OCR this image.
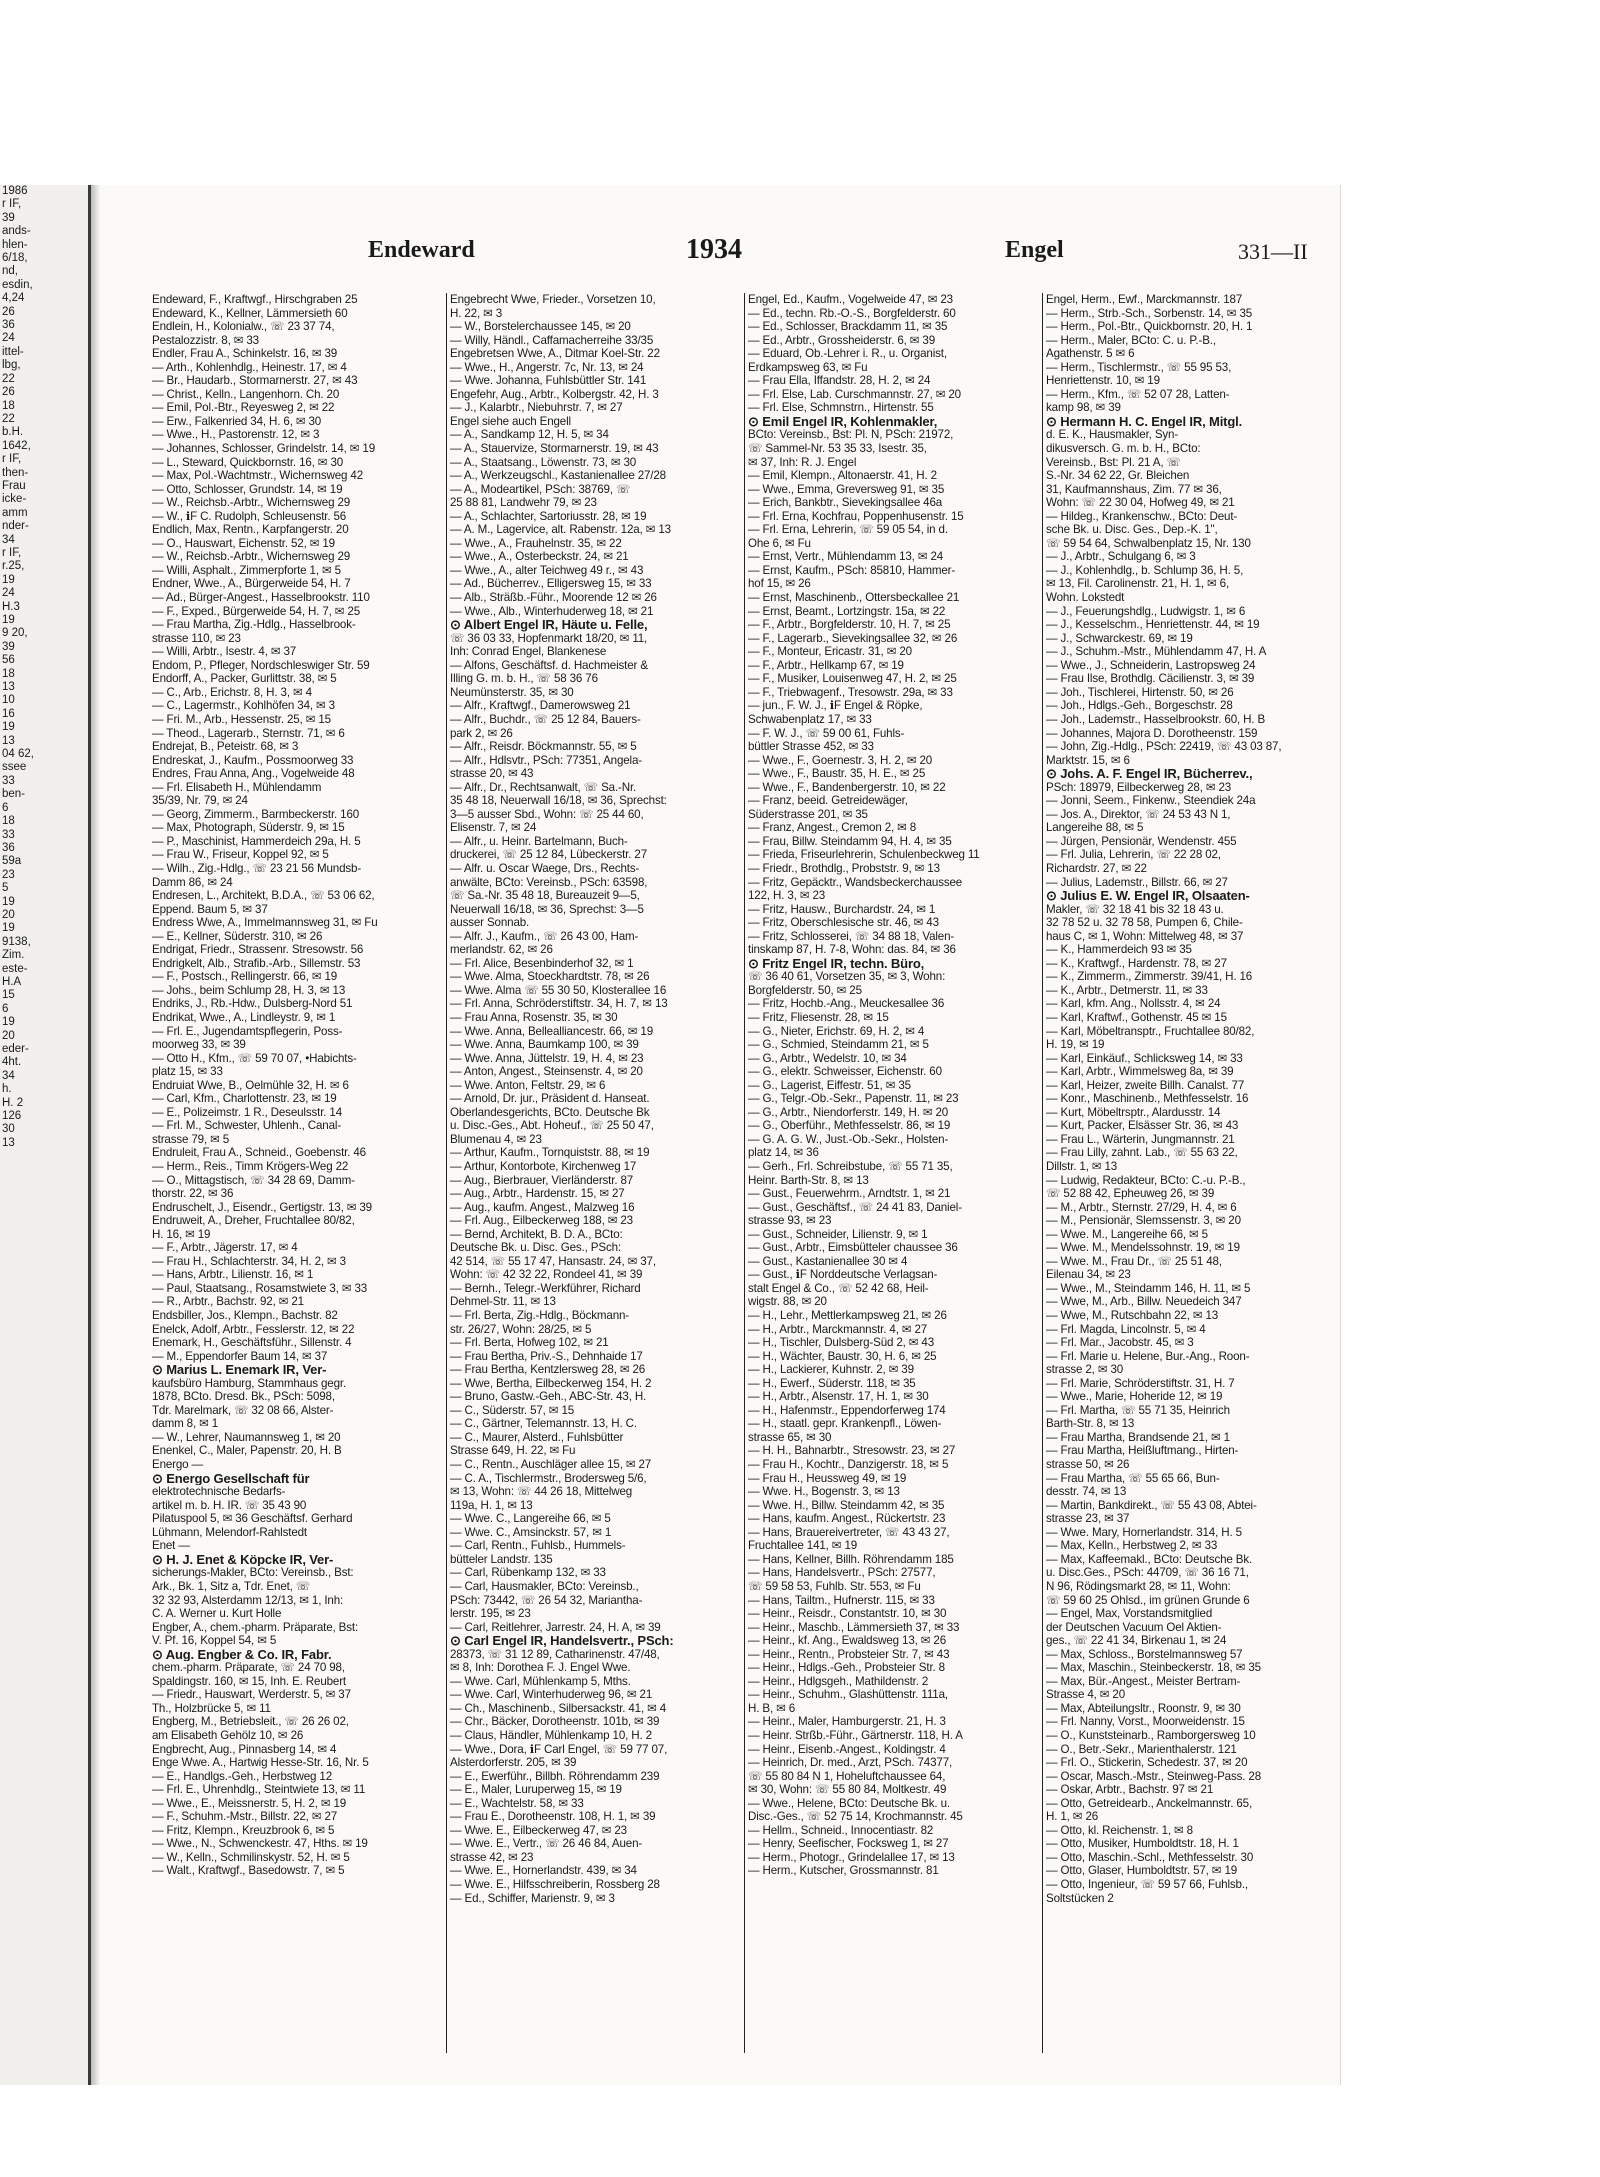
1986
r IF,
39
ands-
hlen-
6/18,
nd,
esdin,
4,24
26
36
24
ittel-
lbg,
22
26
18
22
b.H.
1642,
r IF,
then-
Frau
icke-
amm
nder-
34
r IF,
r.25,
19
24
H.3
19
9 20,
39
56
18
13
10
16
19
13
04 62,
ssee
33
ben-
6
18
33
36
59a
23
5
19
20
19
9138,
Zim.
este-
H.A
15
6
19
20
eder-
4ht.
34
h.
H. 2
126
30
13
Endeward	1934	Engel	331—II
Endeward, F., Kraftwgf., Hirschgraben 25
Endeward, K., Kellner, Lämmersieth 60
Endlein, H., Kolonialw., ☏ 23 37 74,
Pestalozzistr. 8, ✉ 33
Endler, Frau A., Schinkelstr. 16, ✉ 39
— Arth., Kohlenhdlg., Heinestr. 17, ✉ 4
— Br., Haudarb., Stormarnerstr. 27, ✉ 43
— Christ., Kelln., Langenhorn. Ch. 20
— Emil, Pol.-Btr., Reyesweg 2, ✉ 22
— Erw., Falkenried 34, H. 6, ✉ 30
— Wwe., H., Pastorenstr. 12, ✉ 3
— Johannes, Schlosser, Grindelstr. 14, ✉ 19
— L., Steward, Quickbornstr. 16, ✉ 30
— Max, Pol.-Wachtmstr., Wichernsweg 42
— Otto, Schlosser, Grundstr. 14, ✉ 19
— W., Reichsb.-Arbtr., Wichernsweg 29
— W., ℹF C. Rudolph, Schleusenstr. 56
Endlich, Max, Rentn., Karpfangerstr. 20
— O., Hauswart, Eichenstr. 52, ✉ 19
— W., Reichsb.-Arbtr., Wichernsweg 29
— Willi, Asphalt., Zimmerpforte 1, ✉ 5
Endner, Wwe., A., Bürgerweide 54, H. 7
— Ad., Bürger-Angest., Hasselbrookstr. 110
— F., Exped., Bürgerweide 54, H. 7, ✉ 25
— Frau Martha, Zig.-Hdlg., Hasselbrook-
strasse 110, ✉ 23
— Willi, Arbtr., Isestr. 4, ✉ 37
Endom, P., Pfleger, Nordschleswiger Str. 59
Endorff, A., Packer, Gurlittstr. 38, ✉ 5
— C., Arb., Erichstr. 8, H. 3, ✉ 4
— C., Lagermstr., Kohlhöfen 34, ✉ 3
— Fri. M., Arb., Hessenstr. 25, ✉ 15
— Theod., Lagerarb., Sternstr. 71, ✉ 6
Endrejat, B., Peteistr. 68, ✉ 3
Endreskat, J., Kaufm., Possmoorweg 33
Endres, Frau Anna, Ang., Vogelweide 48
— Frl. Elisabeth H., Mühlendamm
35/39, Nr. 79, ✉ 24
— Georg, Zimmerm., Barmbeckerstr. 160
— Max, Photograph, Süderstr. 9, ✉ 15
— P., Maschinist, Hammerdeich 29a, H. 5
— Frau W., Friseur, Koppel 92, ✉ 5
— Wilh., Zig.-Hdlg., ☏ 23 21 56 Mundsb-
Damm 86, ✉ 24
Endresen, L., Architekt, B.D.A., ☏ 53 06 62,
Eppend. Baum 5, ✉ 37
Endress Wwe, A., Immelmannsweg 31, ✉ Fu
— E., Kellner, Süderstr. 310, ✉ 26
Endrigat, Friedr., Strassenr. Stresowstr. 56
Endrigkelt, Alb., Strafib.-Arb., Sillemstr. 53
— F., Postsch., Rellingerstr. 66, ✉ 19
— Johs., beim Schlump 28, H. 3, ✉ 13
Endriks, J., Rb.-Hdw., Dulsberg-Nord 51
Endrikat, Wwe., A., Lindleystr. 9, ✉ 1
— Frl. E., Jugendamtspflegerin, Poss-
moorweg 33, ✉ 39
— Otto H., Kfm., ☏ 59 70 07, •Habichts-
platz 15, ✉ 33
Endruiat Wwe, B., Oelmühle 32, H. ✉ 6
— Carl, Kfm., Charlottenstr. 23, ✉ 19
— E., Polizeimstr. 1 R., Deseulsstr. 14
— Frl. M., Schwester, Uhlenh., Canal-
strasse 79, ✉ 5
Endruleit, Frau A., Schneid., Goebenstr. 46
— Herm., Reis., Timm Krögers-Weg 22
— O., Mittagstisch, ☏ 34 28 69, Damm-
thorstr. 22, ✉ 36
Endruschelt, J., Eisendr., Gertigstr. 13, ✉ 39
Endruweit, A., Dreher, Fruchtallee 80/82,
H. 16, ✉ 19
— F., Arbtr., Jägerstr. 17, ✉ 4
— Frau H., Schlachterstr. 34, H. 2, ✉ 3
— Hans, Arbtr., Lilienstr. 16, ✉ 1
— Paul, Staatsang., Rosamstwiete 3, ✉ 33
— R., Arbtr., Bachstr. 92, ✉ 21
Endsbiller, Jos., Klempn., Bachstr. 82
Enelck, Adolf, Arbtr., Fesslerstr. 12, ✉ 22
Enemark, H., Geschäftsführ., Sillenstr. 4
— M., Eppendorfer Baum 14, ✉ 37
⊙ Marius L. Enemark IR, Ver-
kaufsbüro Hamburg, Stammhaus gegr.
1878, BCto. Dresd. Bk., PSch: 5098,
Tdr. Marelmark, ☏ 32 08 66, Alster-
damm 8, ✉ 1
— W., Lehrer, Naumannsweg 1, ✉ 20
Enenkel, C., Maler, Papenstr. 20, H. B
Energo —
⊙ Energo Gesellschaft für
elektrotechnische Bedarfs-
artikel m. b. H. IR. ☏ 35 43 90
Pilatuspool 5, ✉ 36 Geschäftsf. Gerhard
Lühmann, Melendorf-Rahlstedt
Enet —
⊙ H. J. Enet & Köpcke IR, Ver-
sicherungs-Makler, BCto: Vereinsb., Bst:
Ark., Bk. 1, Sitz a, Tdr. Enet, ☏
32 32 93, Alsterdamm 12/13, ✉ 1, Inh:
C. A. Werner u. Kurt Holle
Engber, A., chem.-pharm. Präparate, Bst:
V. Pf. 16, Koppel 54, ✉ 5
⊙ Aug. Engber & Co. IR, Fabr.
chem.-pharm. Präparate, ☏ 24 70 98,
Spaldingstr. 160, ✉ 15, Inh. E. Reubert
— Friedr., Hauswart, Werderstr. 5, ✉ 37
Th., Holzbrücke 5, ✉ 11
Engberg, M., Betriebsleit., ☏ 26 26 02,
am Elisabeth Gehölz 10, ✉ 26
Engbrecht, Aug., Pinnasberg 14, ✉ 4
Enge Wwe. A., Hartwig Hesse-Str. 16, Nr. 5
— E., Handlgs.-Geh., Herbstweg 12
— Frl. E., Uhrenhdlg., Steintwiete 13, ✉ 11
— Wwe., E., Meissnerstr. 5, H. 2, ✉ 19
— F., Schuhm.-Mstr., Billstr. 22, ✉ 27
— Fritz, Klempn., Kreuzbrook 6, ✉ 5
— Wwe., N., Schwenckestr. 47, Hths. ✉ 19
— W., Kelln., Schmilinskystr. 52, H. ✉ 5
— Walt., Kraftwgf., Basedowstr. 7, ✉ 5
Engebrecht Wwe, Frieder., Vorsetzen 10,
H. 22, ✉ 3
— W., Borstelerchaussee 145, ✉ 20
— Willy, Händl., Caffamacherreihe 33/35
Engebretsen Wwe, A., Ditmar Koel-Str. 22
— Wwe., H., Angerstr. 7c, Nr. 13, ✉ 24
— Wwe. Johanna, Fuhlsbüttler Str. 141
Engefehr, Aug., Arbtr., Kolbergstr. 42, H. 3
— J., Kalarbtr., Niebuhrstr. 7, ✉ 27
Engel siehe auch Engell
— A., Sandkamp 12, H. 5, ✉ 34
— A., Stauervize, Stormarnerstr. 19, ✉ 43
— A., Staatsang., Löwenstr. 73, ✉ 30
— A., Werkzeugschl., Kastanienallee 27/28
— A., Modeartikel, PSch: 38769, ☏
25 88 81, Landwehr 79, ✉ 23
— A., Schlachter, Sartoriusstr. 28, ✉ 19
— A. M., Lagervice, alt. Rabenstr. 12a, ✉ 13
— Wwe., A., Frauhelnstr. 35, ✉ 22
— Wwe., A., Osterbeckstr. 24, ✉ 21
— Wwe., A., alter Teichweg 49 r., ✉ 43
— Ad., Bücherrev., Elligersweg 15, ✉ 33
— Alb., Sträßb.-Führ., Moorende 12 ✉ 26
— Wwe., Alb., Winterhuderweg 18, ✉ 21
⊙ Albert Engel IR, Häute u. Felle,
☏ 36 03 33, Hopfenmarkt 18/20, ✉ 11,
Inh: Conrad Engel, Blankenese
— Alfons, Geschäftsf. d. Hachmeister &
Illing G. m. b. H., ☏ 58 36 76
Neumünsterstr. 35, ✉ 30
— Alfr., Kraftwgf., Damerowsweg 21
— Alfr., Buchdr., ☏ 25 12 84, Bauers-
park 2, ✉ 26
— Alfr., Reisdr. Böckmannstr. 55, ✉ 5
— Alfr., Hdlsvtr., PSch: 77351, Angela-
strasse 20, ✉ 43
— Alfr., Dr., Rechtsanwalt, ☏ Sa.-Nr.
35 48 18, Neuerwall 16/18, ✉ 36, Sprechst:
3—5 ausser Sbd., Wohn: ☏ 25 44 60,
Elisenstr. 7, ✉ 24
— Alfr., u. Heinr. Bartelmann, Buch-
druckerei, ☏ 25 12 84, Lübeckerstr. 27
— Alfr. u. Oscar Waege, Drs., Rechts-
anwälte, BCto: Vereinsb., PSch: 63598,
☏ Sa.-Nr. 35 48 18, Bureauzeit 9—5,
Neuerwall 16/18, ✉ 36, Sprechst: 3—5
ausser Sonnab.
— Alfr. J., Kaufm., ☏ 26 43 00, Ham-
merlandstr. 62, ✉ 26
— Frl. Alice, Besenbinderhof 32, ✉ 1
— Wwe. Alma, Stoeckhardtstr. 78, ✉ 26
— Wwe. Alma ☏ 55 30 50, Klosterallee 16
— Frl. Anna, Schröderstiftstr. 34, H. 7, ✉ 13
— Frau Anna, Rosenstr. 35, ✉ 30
— Wwe. Anna, Bellealliancestr. 66, ✉ 19
— Wwe. Anna, Baumkamp 100, ✉ 39
— Wwe. Anna, Jüttelstr. 19, H. 4, ✉ 23
— Anton, Angest., Steinsenstr. 4, ✉ 20
— Wwe. Anton, Feltstr. 29, ✉ 6
— Arnold, Dr. jur., Präsident d. Hanseat.
Oberlandesgerichts, BCto. Deutsche Bk
u. Disc.-Ges., Abt. Hoheuf., ☏ 25 50 47,
Blumenau 4, ✉ 23
— Arthur, Kaufm., Tornquiststr. 88, ✉ 19
— Arthur, Kontorbote, Kirchenweg 17
— Aug., Bierbrauer, Vierländerstr. 87
— Aug., Arbtr., Hardenstr. 15, ✉ 27
— Aug., kaufm. Angest., Malzweg 16
— Frl. Aug., Eilbeckerweg 188, ✉ 23
— Bernd, Architekt, B. D. A., BCto:
Deutsche Bk. u. Disc. Ges., PSch:
42 514, ☏ 55 17 47, Hansastr. 24, ✉ 37,
Wohn: ☏ 42 32 22, Rondeel 41, ✉ 39
— Bernh., Telegr.-Werkführer, Richard
Dehmel-Str. 11, ✉ 13
— Frl. Berta, Zig.-Hdlg., Böckmann-
str. 26/27, Wohn: 28/25, ✉ 5
— Frl. Berta, Hofweg 102, ✉ 21
— Frau Bertha, Priv.-S., Dehnhaide 17
— Frau Bertha, Kentzlersweg 28, ✉ 26
— Wwe, Bertha, Eilbeckerweg 154, H. 2
— Bruno, Gastw.-Geh., ABC-Str. 43, H.
— C., Süderstr. 57, ✉ 15
— C., Gärtner, Telemannstr. 13, H. C.
— C., Maurer, Alsterd., Fuhlsbütter
Strasse 649, H. 22, ✉ Fu
— C., Rentn., Auschläger allee 15, ✉ 27
— C. A., Tischlermstr., Brodersweg 5/6,
✉ 13, Wohn: ☏ 44 26 18, Mittelweg
119a, H. 1, ✉ 13
— Wwe. C., Langereihe 66, ✉ 5
— Wwe. C., Amsinckstr. 57, ✉ 1
— Carl, Rentn., Fuhlsb., Hummels-
bütteler Landstr. 135
— Carl, Rübenkamp 132, ✉ 33
— Carl, Hausmakler, BCto: Vereinsb.,
PSch: 73442, ☏ 26 54 32, Mariantha-
lerstr. 195, ✉ 23
— Carl, Reitlehrer, Jarrestr. 24, H. A, ✉ 39
⊙ Carl Engel IR, Handelsvertr., PSch:
28373, ☏ 31 12 89, Catharinenstr. 47/48,
✉ 8, Inh: Dorothea F. J. Engel Wwe.
— Wwe. Carl, Mühlenkamp 5, Mths.
— Wwe. Carl, Winterhuderweg 96, ✉ 21
— Ch., Maschinenb., Silbersackstr. 41, ✉ 4
— Chr., Bäcker, Dorotheenstr. 101b, ✉ 39
— Claus, Händler, Mühlenkamp 10, H. 2
— Wwe., Dora, ℹF Carl Engel, ☏ 59 77 07,
Alsterdorferstr. 205, ✉ 39
— E., Ewerführ., Billbh. Röhrendamm 239
— E., Maler, Luruperweg 15, ✉ 19
— E., Wachtelstr. 58, ✉ 33
— Frau E., Dorotheenstr. 108, H. 1, ✉ 39
— Wwe. E., Eilbeckerweg 47, ✉ 23
— Wwe. E., Vertr., ☏ 26 46 84, Auen-
strasse 42, ✉ 23
— Wwe. E., Hornerlandstr. 439, ✉ 34
— Wwe. E., Hilfsschreiberin, Rossberg 28
— Ed., Schiffer, Marienstr. 9, ✉ 3
Engel, Ed., Kaufm., Vogelweide 47, ✉ 23
— Ed., techn. Rb.-O.-S., Borgfelderstr. 60
— Ed., Schlosser, Brackdamm 11, ✉ 35
— Ed., Arbtr., Grossheiderstr. 6, ✉ 39
— Eduard, Ob.-Lehrer i. R., u. Organist,
Erdkampsweg 63, ✉ Fu
— Frau Ella, Iffandstr. 28, H. 2, ✉ 24
— Frl. Else, Lab. Curschmannstr. 27, ✉ 20
— Frl. Else, Schmnstrn., Hirtenstr. 55
⊙ Emil Engel IR, Kohlenmakler,
BCto: Vereinsb., Bst: Pl. N, PSch: 21972,
☏ Sammel-Nr. 53 35 33, Isestr. 35,
✉ 37, Inh: R. J. Engel
— Emil, Klempn., Altonaerstr. 41, H. 2
— Wwe., Emma, Greversweg 91, ✉ 35
— Erich, Bankbtr., Sievekingsallee 46a
— Frl. Erna, Kochfrau, Poppenhusenstr. 15
— Frl. Erna, Lehrerin, ☏ 59 05 54, in d.
Ohe 6, ✉ Fu
— Ernst, Vertr., Mühlendamm 13, ✉ 24
— Ernst, Kaufm., PSch: 85810, Hammer-
hof 15, ✉ 26
— Ernst, Maschinenb., Ottersbeckallee 21
— Ernst, Beamt., Lortzingstr. 15a, ✉ 22
— F., Arbtr., Borgfelderstr. 10, H. 7, ✉ 25
— F., Lagerarb., Sievekingsallee 32, ✉ 26
— F., Monteur, Ericastr. 31, ✉ 20
— F., Arbtr., Hellkamp 67, ✉ 19
— F., Musiker, Louisenweg 47, H. 2, ✉ 25
— F., Triebwagenf., Tresowstr. 29a, ✉ 33
— jun., F. W. J., ℹF Engel & Röpke,
Schwabenplatz 17, ✉ 33
— F. W. J., ☏ 59 00 61, Fuhls-
büttler Strasse 452, ✉ 33
— Wwe., F., Goernestr. 3, H. 2, ✉ 20
— Wwe., F., Baustr. 35, H. E., ✉ 25
— Wwe., F., Bandenbergerstr. 10, ✉ 22
— Franz, beeid. Getreidewäger,
Süderstrasse 201, ✉ 35
— Franz, Angest., Cremon 2, ✉ 8
— Frau, Billw. Steindamm 94, H. 4, ✉ 35
— Frieda, Friseurlehrerin, Schulenbeckweg 11
— Friedr., Brothdlg., Probststr. 9, ✉ 13
— Fritz, Gepäcktr., Wandsbeckerchaussee
122, H. 3, ✉ 23
— Fritz, Hausw., Burchardstr. 24, ✉ 1
— Fritz, Oberschlesische str. 46, ✉ 43
— Fritz, Schlosserei, ☏ 34 88 18, Valen-
tinskamp 87, H. 7-8, Wohn: das. 84, ✉ 36
⊙ Fritz Engel IR, techn. Büro,
☏ 36 40 61, Vorsetzen 35, ✉ 3, Wohn:
Borgfelderstr. 50, ✉ 25
— Fritz, Hochb.-Ang., Meuckesallee 36
— Fritz, Fliesenstr. 28, ✉ 15
— G., Nieter, Erichstr. 69, H. 2, ✉ 4
— G., Schmied, Steindamm 21, ✉ 5
— G., Arbtr., Wedelstr. 10, ✉ 34
— G., elektr. Schweisser, Eichenstr. 60
— G., Lagerist, Eiffestr. 51, ✉ 35
— G., Telgr.-Ob.-Sekr., Papenstr. 11, ✉ 23
— G., Arbtr., Niendorferstr. 149, H. ✉ 20
— G., Oberführ., Methfesselstr. 86, ✉ 19
— G. A. G. W., Just.-Ob.-Sekr., Holsten-
platz 14, ✉ 36
— Gerh., Frl. Schreibstube, ☏ 55 71 35,
Heinr. Barth-Str. 8, ✉ 13
— Gust., Feuerwehrm., Arndtstr. 1, ✉ 21
— Gust., Geschäftsf., ☏ 24 41 83, Daniel-
strasse 93, ✉ 23
— Gust., Schneider, Lilienstr. 9, ✉ 1
— Gust., Arbtr., Eimsbütteler chaussee 36
— Gust., Kastanienallee 30 ✉ 4
— Gust., ℹF Norddeutsche Verlagsan-
stalt Engel & Co., ☏ 52 42 68, Heil-
wigstr. 88, ✉ 20
— H., Lehr., Mettlerkampsweg 21, ✉ 26
— H., Arbtr., Marckmannstr. 4, ✉ 27
— H., Tischler, Dulsberg-Süd 2, ✉ 43
— H., Wächter, Baustr. 30, H. 6, ✉ 25
— H., Lackierer, Kuhnstr. 2, ✉ 39
— H., Ewerf., Süderstr. 118, ✉ 35
— H., Arbtr., Alsenstr. 17, H. 1, ✉ 30
— H., Hafenmstr., Eppendorferweg 174
— H., staatl. gepr. Krankenpfl., Löwen-
strasse 65, ✉ 30
— H. H., Bahnarbtr., Stresowstr. 23, ✉ 27
— Frau H., Kochtr., Danzigerstr. 18, ✉ 5
— Frau H., Heussweg 49, ✉ 19
— Wwe. H., Bogenstr. 3, ✉ 13
— Wwe. H., Billw. Steindamm 42, ✉ 35
— Hans, kaufm. Angest., Rückertstr. 23
— Hans, Brauereivertreter, ☏ 43 43 27,
Fruchtallee 141, ✉ 19
— Hans, Kellner, Billh. Röhrendamm 185
— Hans, Handelsvertr., PSch: 27577,
☏ 59 58 53, Fuhlb. Str. 553, ✉ Fu
— Hans, Tailtm., Hufnerstr. 115, ✉ 33
— Heinr., Reisdr., Constantstr. 10, ✉ 30
— Heinr., Maschb., Lämmersieth 37, ✉ 33
— Heinr., kf. Ang., Ewaldsweg 13, ✉ 26
— Heinr., Rentn., Probsteier Str. 7, ✉ 43
— Heinr., Hdlgs.-Geh., Probsteier Str. 8
— Heinr., Hdlgsgeh., Mathildenstr. 2
— Heinr., Schuhm., Glashüttenstr. 111a,
H. B, ✉ 6
— Heinr., Maler, Hamburgerstr. 21, H. 3
— Heinr. Strßb.-Führ., Gärtnerstr. 118, H. A
— Heinr., Eisenb.-Angest., Koldingstr. 4
— Heinrich, Dr. med., Arzt, PSch. 74377,
☏ 55 80 84 N 1, Hoheluftchaussee 64,
✉ 30, Wohn: ☏ 55 80 84, Moltkestr. 49
— Wwe., Helene, BCto: Deutsche Bk. u.
Disc.-Ges., ☏ 52 75 14, Krochmannstr. 45
— Hellm., Schneid., Innocentiastr. 82
— Henry, Seefischer, Focksweg 1, ✉ 27
— Herm., Photogr., Grindelallee 17, ✉ 13
— Herm., Kutscher, Grossmannstr. 81
Engel, Herm., Ewf., Marckmannstr. 187
— Herm., Strb.-Sch., Sorbenstr. 14, ✉ 35
— Herm., Pol.-Btr., Quickbornstr. 20, H. 1
— Herm., Maler, BCto: C. u. P.-B.,
Agathenstr. 5 ✉ 6
— Herm., Tischlermstr., ☏ 55 95 53,
Henriettenstr. 10, ✉ 19
— Herm., Kfm., ☏ 52 07 28, Latten-
kamp 98, ✉ 39
⊙ Hermann H. C. Engel IR, Mitgl.
d. E. K., Hausmakler, Syn-
dikusversch. G. m. b. H., BCto:
Vereinsb., Bst: Pl. 21 A, ☏
S.-Nr. 34 62 22, Gr. Bleichen
31, Kaufmannshaus, Zim. 77 ✉ 36,
Wohn: ☏ 22 30 04, Hofweg 49, ✉ 21
— Hildeg., Krankenschw., BCto: Deut-
sche Bk. u. Disc. Ges., Dep.-K. 1",
☏ 59 54 64, Schwalbenplatz 15, Nr. 130
— J., Arbtr., Schulgang 6, ✉ 3
— J., Kohlenhdlg., b. Schlump 36, H. 5,
✉ 13, Fil. Carolinenstr. 21, H. 1, ✉ 6,
Wohn. Lokstedt
— J., Feuerungshdlg., Ludwigstr. 1, ✉ 6
— J., Kesselschm., Henriettenstr. 44, ✉ 19
— J., Schwarckestr. 69, ✉ 19
— J., Schuhm.-Mstr., Mühlendamm 47, H. A
— Wwe., J., Schneiderin, Lastropsweg 24
— Frau Ilse, Brothdlg. Cäcilienstr. 3, ✉ 39
— Joh., Tischlerei, Hirtenstr. 50, ✉ 26
— Joh., Hdlgs.-Geh., Borgeschstr. 28
— Joh., Lademstr., Hasselbrookstr. 60, H. B
— Johannes, Majora D. Dorotheenstr. 159
— John, Zig.-Hdlg., PSch: 22419, ☏ 43 03 87,
Marktstr. 15, ✉ 6
⊙ Johs. A. F. Engel IR, Bücherrev.,
PSch: 18979, Eilbeckerweg 28, ✉ 23
— Jonni, Seem., Finkenw., Steendiek 24a
— Jos. A., Direktor, ☏ 24 53 43 N 1,
Langereihe 88, ✉ 5
— Jürgen, Pensionär, Wendenstr. 455
— Frl. Julia, Lehrerin, ☏ 22 28 02,
Richardstr. 27, ✉ 22
— Julius, Lademstr., Billstr. 66, ✉ 27
⊙ Julius E. W. Engel IR, Olsaaten-
Makler, ☏ 32 18 41 bis 32 18 43 u.
32 78 52 u. 32 78 58, Pumpen 6, Chile-
haus C, ✉ 1, Wohn: Mittelweg 48, ✉ 37
— K., Hammerdeich 93 ✉ 35
— K., Kraftwgf., Hardenstr. 78, ✉ 27
— K., Zimmerm., Zimmerstr. 39/41, H. 16
— K., Arbtr., Detmerstr. 11, ✉ 33
— Karl, kfm. Ang., Nollsstr. 4, ✉ 24
— Karl, Kraftwf., Gothenstr. 45 ✉ 15
— Karl, Möbeltransptr., Fruchtallee 80/82,
H. 19, ✉ 19
— Karl, Einkäuf., Schlicksweg 14, ✉ 33
— Karl, Arbtr., Wimmelsweg 8a, ✉ 39
— Karl, Heizer, zweite Billh. Canalst. 77
— Konr., Maschinenb., Methfesselstr. 16
— Kurt, Möbeltrsptr., Alardusstr. 14
— Kurt, Packer, Elsässer Str. 36, ✉ 43
— Frau L., Wärterin, Jungmannstr. 21
— Frau Lilly, zahnt. Lab., ☏ 55 63 22,
Dillstr. 1, ✉ 13
— Ludwig, Redakteur, BCto: C.-u. P.-B.,
☏ 52 88 42, Epheuweg 26, ✉ 39
— M., Arbtr., Sternstr. 27/29, H. 4, ✉ 6
— M., Pensionär, Slemssenstr. 3, ✉ 20
— Wwe. M., Langereihe 66, ✉ 5
— Wwe. M., Mendelssohnstr. 19, ✉ 19
— Wwe. M., Frau Dr., ☏ 25 51 48,
Eilenau 34, ✉ 23
— Wwe., M., Steindamm 146, H. 11, ✉ 5
— Wwe, M., Arb., Billw. Neuedeich 347
— Wwe, M., Rutschbahn 22, ✉ 13
— Frl. Magda, Lincolnstr. 5, ✉ 4
— Frl. Mar., Jacobstr. 45, ✉ 3
— Frl. Marie u. Helene, Bur.-Ang., Roon-
strasse 2, ✉ 30
— Frl. Marie, Schröderstiftstr. 31, H. 7
— Wwe., Marie, Hoheride 12, ✉ 19
— Frl. Martha, ☏ 55 71 35, Heinrich
Barth-Str. 8, ✉ 13
— Frau Martha, Brandsende 21, ✉ 1
— Frau Martha, Heißluftmang., Hirten-
strasse 50, ✉ 26
— Frau Martha, ☏ 55 65 66, Bun-
desstr. 74, ✉ 13
— Martin, Bankdirekt., ☏ 55 43 08, Abtei-
strasse 23, ✉ 37
— Wwe. Mary, Hornerlandstr. 314, H. 5
— Max, Kelln., Herbstweg 2, ✉ 33
— Max, Kaffeemakl., BCto: Deutsche Bk.
u. Disc.Ges., PSch: 44709, ☏ 36 16 71,
N 96, Rödingsmarkt 28, ✉ 11, Wohn:
☏ 59 60 25 Ohlsd., im grünen Grunde 6
— Engel, Max, Vorstandsmitglied
der Deutschen Vacuum Oel Aktien-
ges., ☏ 22 41 34, Birkenau 1, ✉ 24
— Max, Schloss., Borstelmannsweg 57
— Max, Maschin., Steinbeckerstr. 18, ✉ 35
— Max, Bür.-Angest., Meister Bertram-
Strasse 4, ✉ 20
— Max, Abteilungsltr., Roonstr. 9, ✉ 30
— Frl. Nanny, Vorst., Moorweidenstr. 15
— O., Kunststeinarb., Ramborgersweg 10
— O., Betr.-Sekr., Marienthalerstr. 121
— Frl. O., Stickerin, Schedestr. 37, ✉ 20
— Oscar, Masch.-Mstr., Steinweg-Pass. 28
— Oskar, Arbtr., Bachstr. 97 ✉ 21
— Otto, Getreidearb., Anckelmannstr. 65,
H. 1, ✉ 26
— Otto, kl. Reichenstr. 1, ✉ 8
— Otto, Musiker, Humboldtstr. 18, H. 1
— Otto, Maschin.-Schl., Methfesselstr. 30
— Otto, Glaser, Humboldtstr. 57, ✉ 19
— Otto, Ingenieur, ☏ 59 57 66, Fuhlsb.,
Soltstücken 2
